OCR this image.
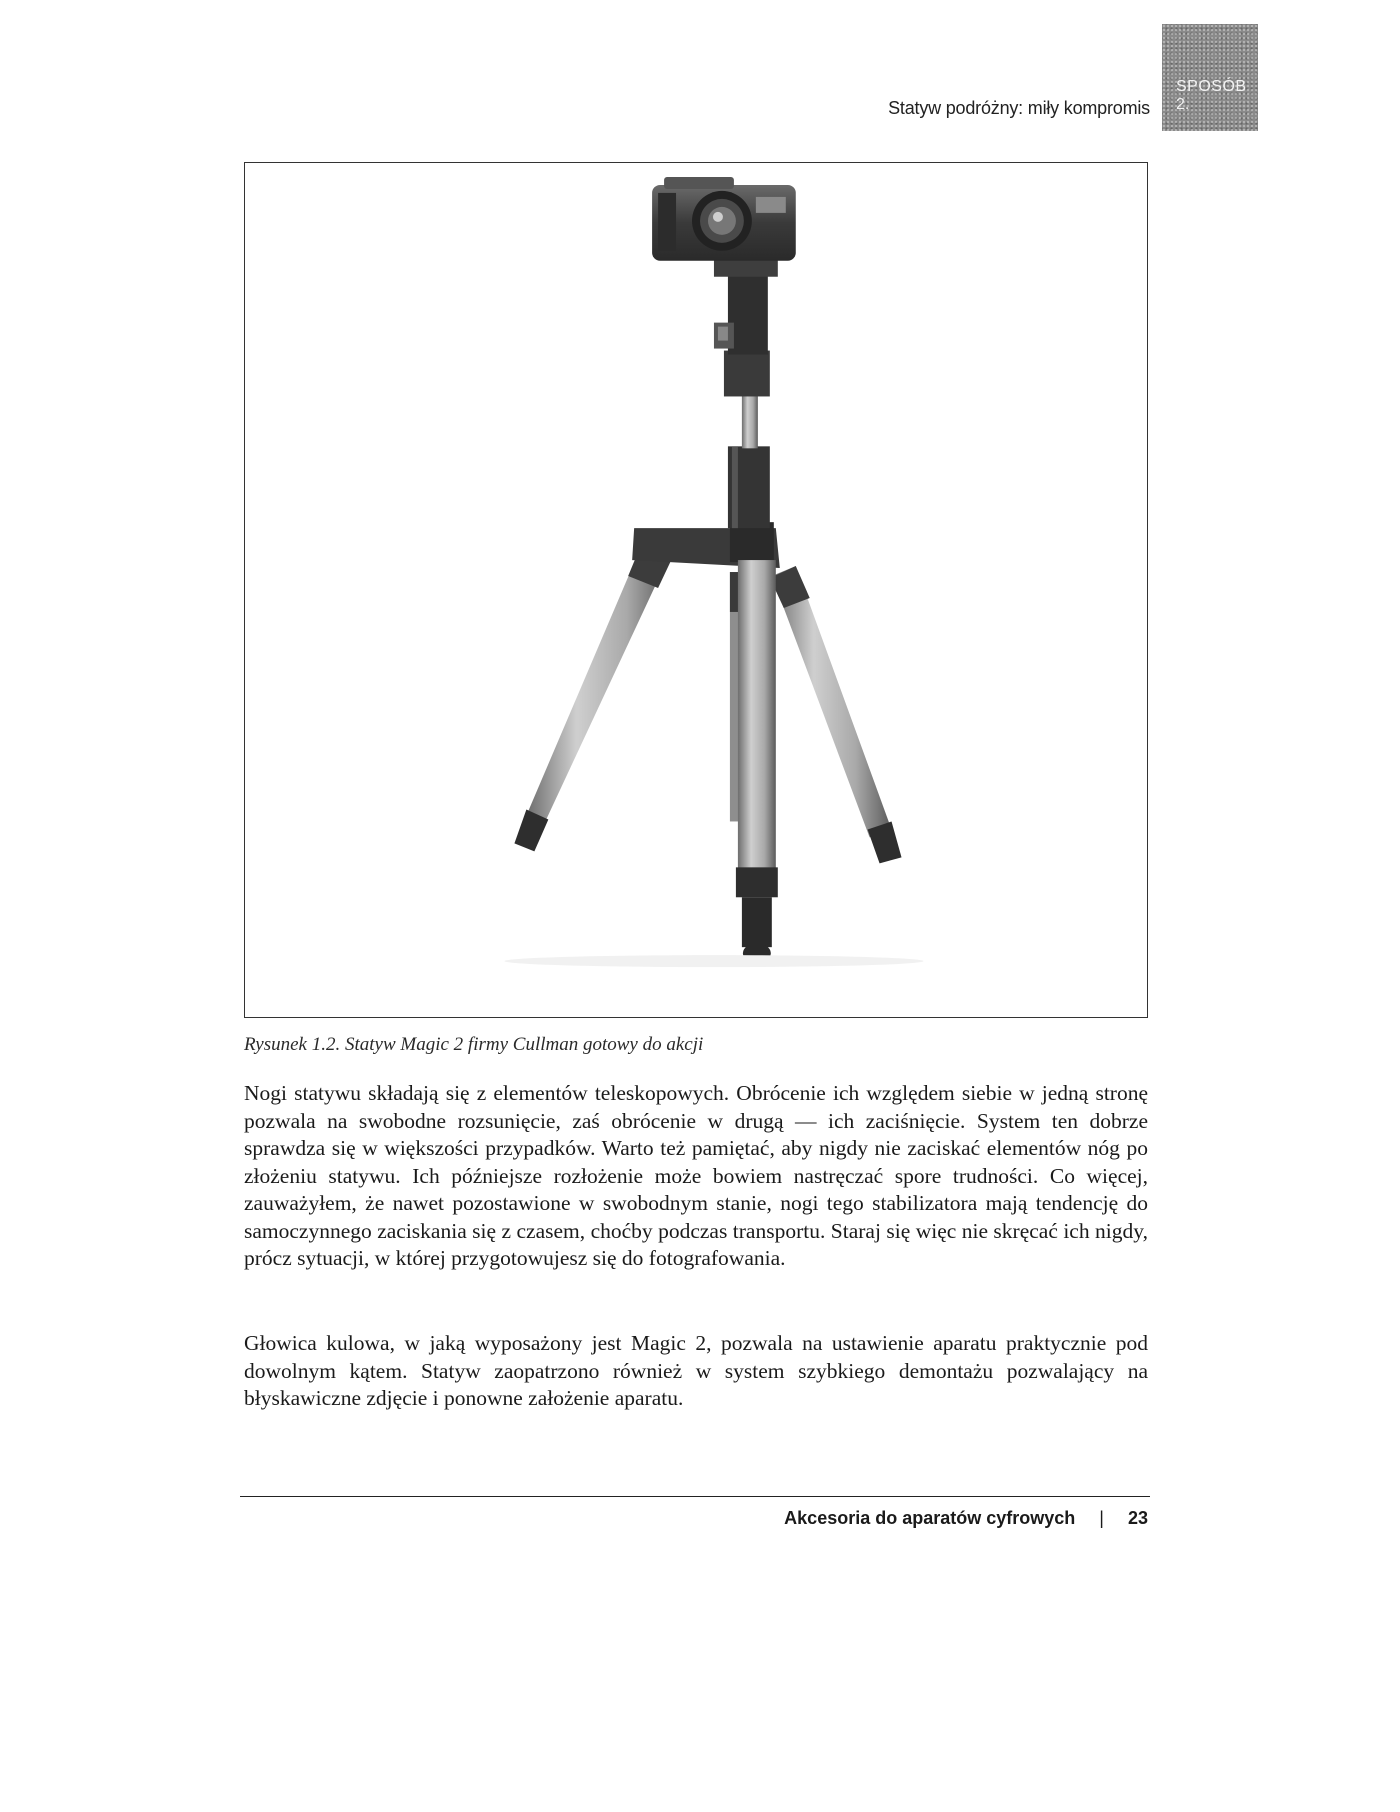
Statyw podróżny: miły kompromis
SPOSÓB
2.
Rysunek 1.2. Statyw Magic 2 firmy Cullman gotowy do akcji

Nogi statywu składają się z elementów teleskopowych. Obrócenie ich względem siebie w jedną stronę pozwala na swobodne rozsunięcie, zaś obrócenie w drugą — ich zaciśnięcie. System ten dobrze sprawdza się w większości przypadków. Warto też pamiętać, aby nigdy nie zaciskać elementów nóg po złożeniu statywu. Ich późniejsze rozłożenie może bowiem nastręczać spore trudności. Co więcej, zauważyłem, że nawet pozostawione w swobodnym stanie, nogi tego stabilizatora mają tendencję do samoczynnego zaciskania się z czasem, choćby podczas transportu. Staraj się więc nie skręcać ich nigdy, prócz sytuacji, w której przygotowujesz się do fotografowania.

Głowica kulowa, w jaką wyposażony jest Magic 2, pozwala na ustawienie aparatu praktycznie pod dowolnym kątem. Statyw zaopatrzono również w system szybkiego demontażu pozwalający na błyskawiczne zdjęcie i ponowne założenie aparatu.

Akcesoria do aparatów cyfrowych | 23
